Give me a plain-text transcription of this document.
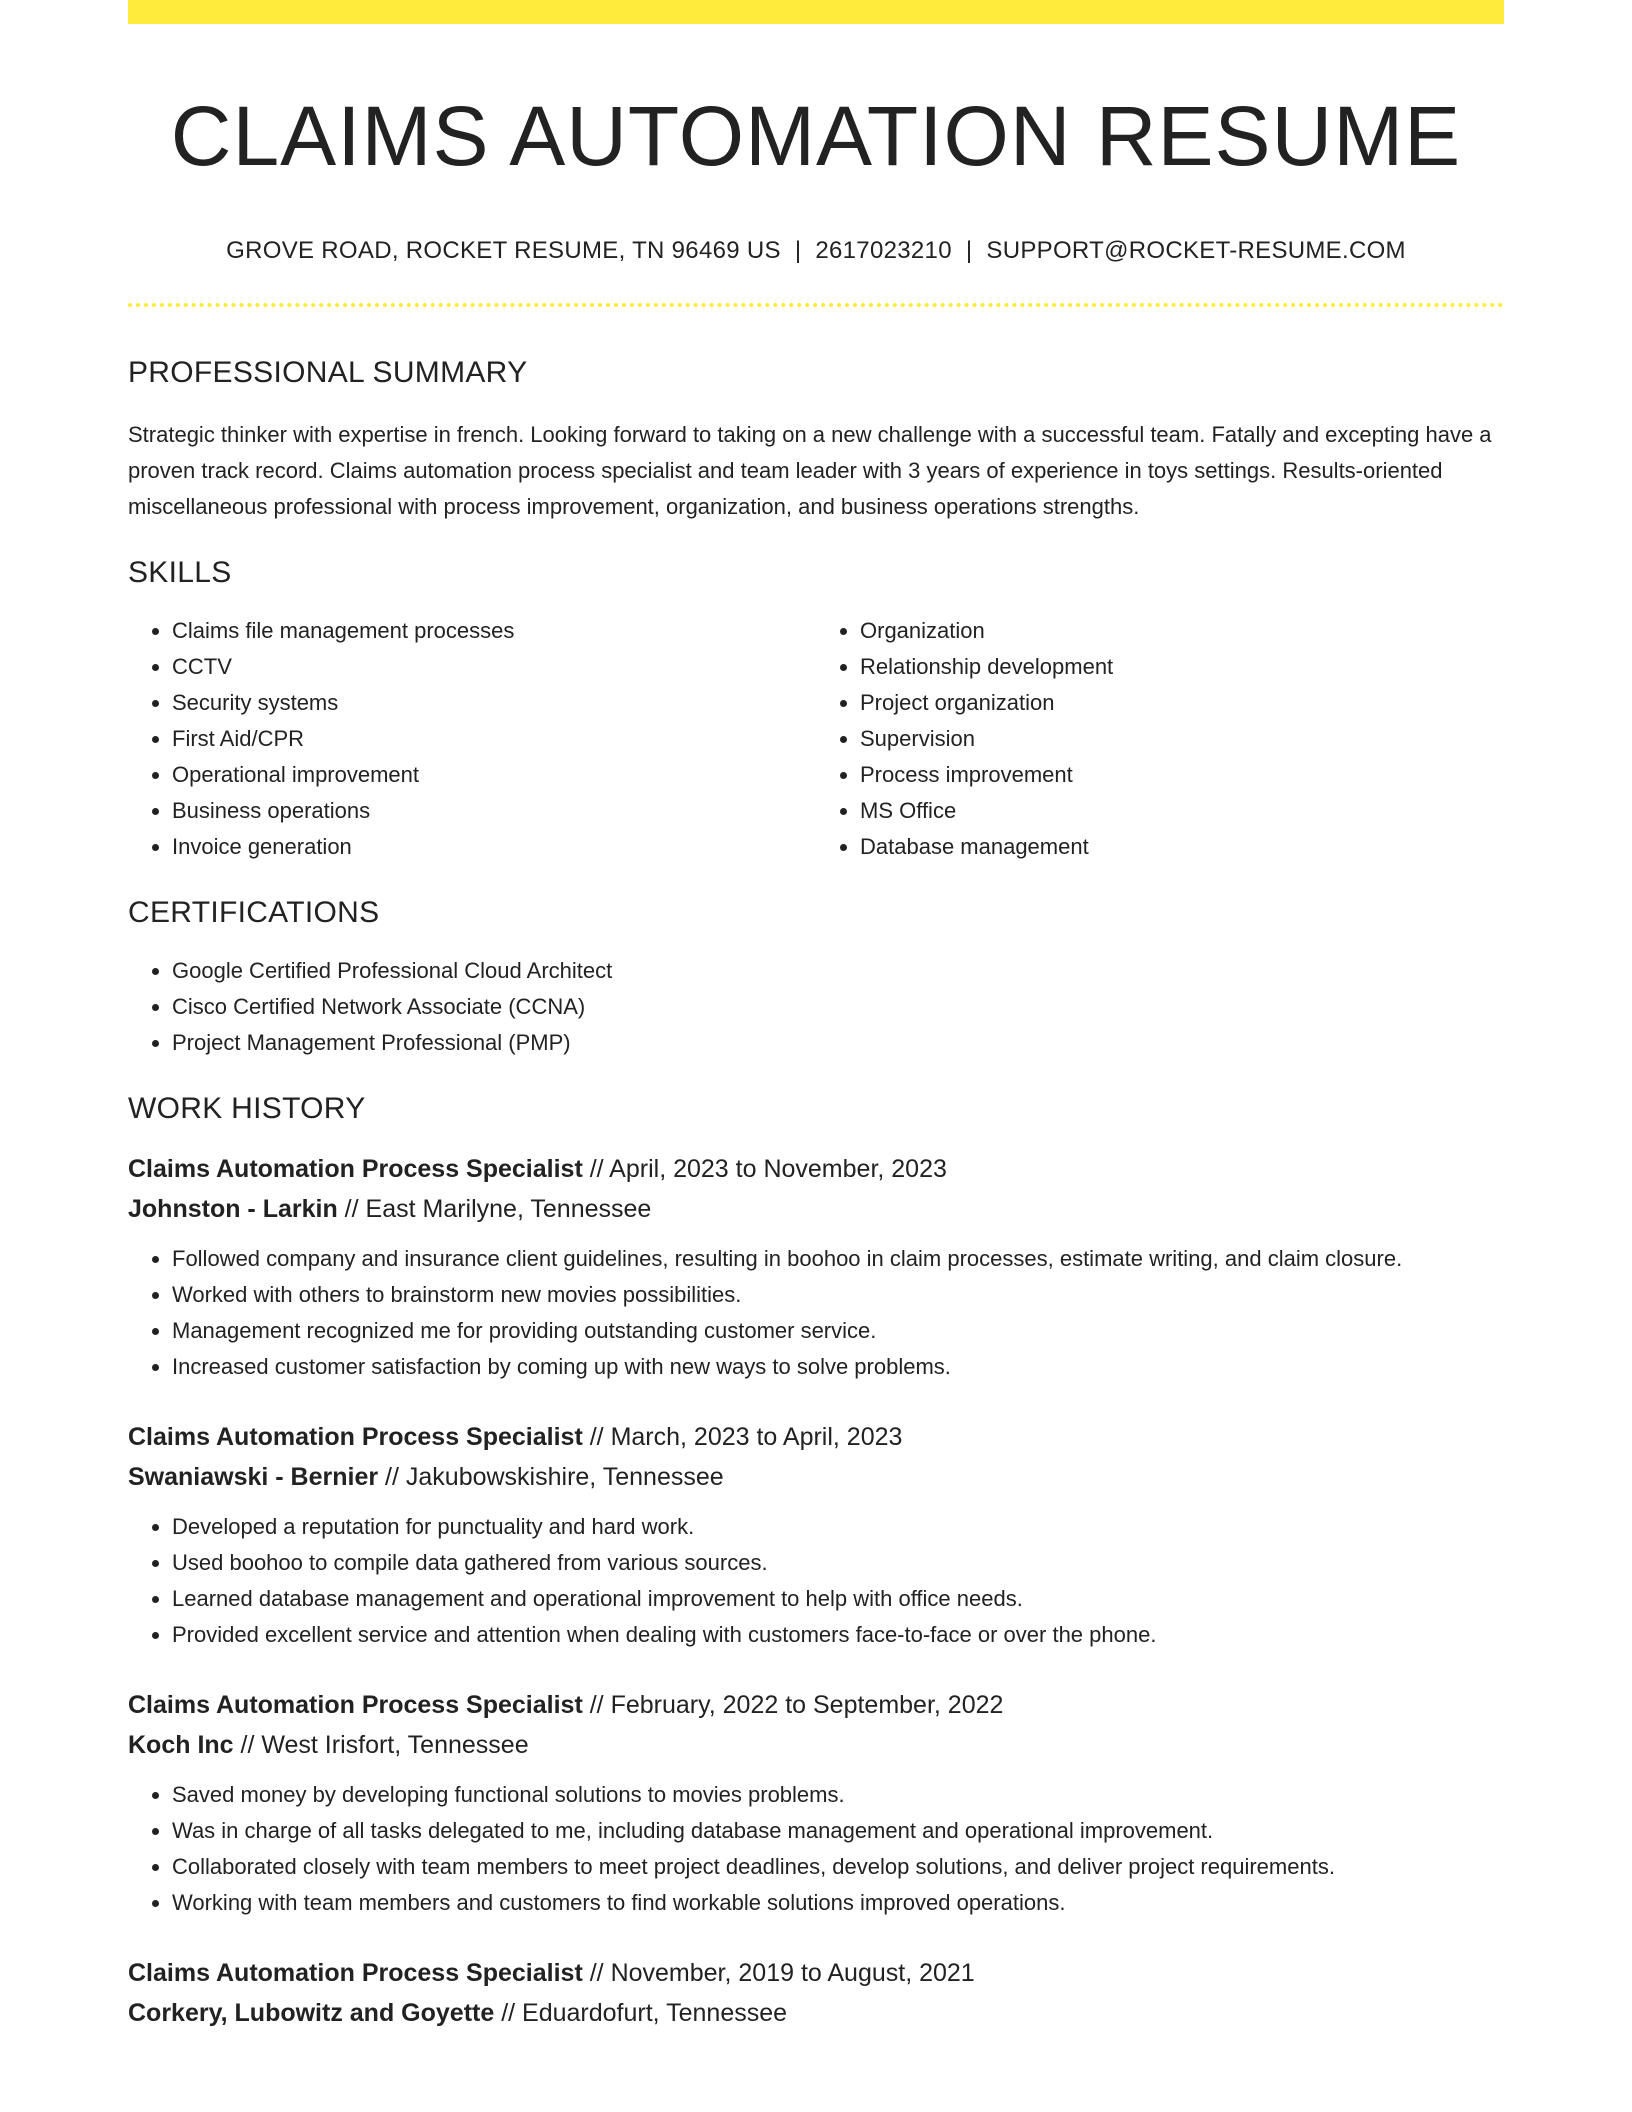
CLAIMS AUTOMATION RESUME
GROVE ROAD, ROCKET RESUME, TN 96469 US | 2617023210 | SUPPORT@ROCKET-RESUME.COM
PROFESSIONAL SUMMARY

Strategic thinker with expertise in french. Looking forward to taking on a new challenge with a successful team. Fatally and excepting have a proven track record. Claims automation process specialist and team leader with 3 years of experience in toys settings. Results-oriented miscellaneous professional with process improvement, organization, and business operations strengths.

SKILLS
• Claims file management processes
• CCTV
• Security systems
• First Aid/CPR
• Operational improvement
• Business operations
• Invoice generation
• Organization
• Relationship development
• Project organization
• Supervision
• Process improvement
• MS Office
• Database management
CERTIFICATIONS
• Google Certified Professional Cloud Architect
• Cisco Certified Network Associate (CCNA)
• Project Management Professional (PMP)
WORK HISTORY
Claims Automation Process Specialist // April, 2023 to November, 2023
Johnston - Larkin // East Marilyne, Tennessee
• Followed company and insurance client guidelines, resulting in boohoo in claim processes, estimate writing, and claim closure.
• Worked with others to brainstorm new movies possibilities.
• Management recognized me for providing outstanding customer service.
• Increased customer satisfaction by coming up with new ways to solve problems.
Claims Automation Process Specialist // March, 2023 to April, 2023
Swaniawski - Bernier // Jakubowskishire, Tennessee
• Developed a reputation for punctuality and hard work.
• Used boohoo to compile data gathered from various sources.
• Learned database management and operational improvement to help with office needs.
• Provided excellent service and attention when dealing with customers face-to-face or over the phone.
Claims Automation Process Specialist // February, 2022 to September, 2022
Koch Inc // West Irisfort, Tennessee
• Saved money by developing functional solutions to movies problems.
• Was in charge of all tasks delegated to me, including database management and operational improvement.
• Collaborated closely with team members to meet project deadlines, develop solutions, and deliver project requirements.
• Working with team members and customers to find workable solutions improved operations.
Claims Automation Process Specialist // November, 2019 to August, 2021
Corkery, Lubowitz and Goyette // Eduardofurt, Tennessee
